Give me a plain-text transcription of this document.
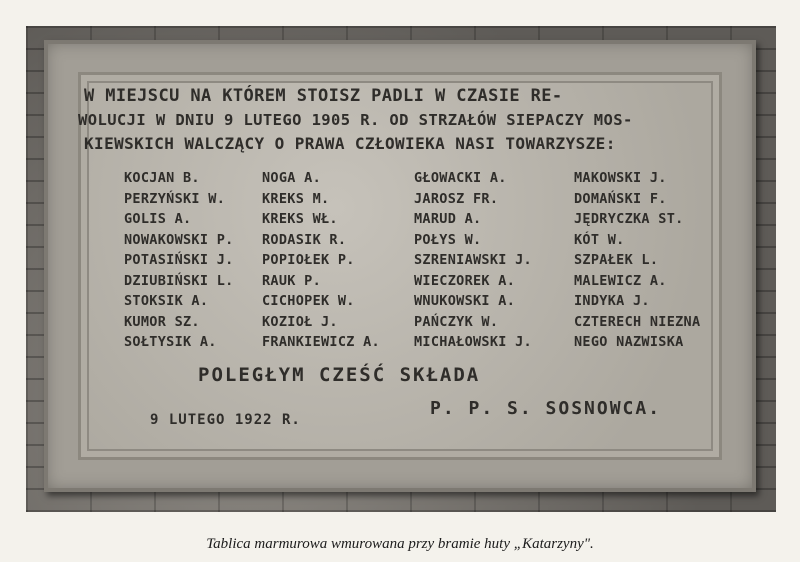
W MIEJSCU NA KTÓREM STOISZ PADLI W CZASIE RE-
WOLUCJI W DNIU 9 LUTEGO 1905 R. OD STRZAŁÓW SIEPACZY MOS-
KIEWSKICH WALCZĄCY O PRAWA CZŁOWIEKA NASI TOWARZYSZE:
KOCJAN B.
PERZYŃSKI W.
GOLIS A.
NOWAKOWSKI P.
POTASIŃSKI J.
DZIUBIŃSKI L.
STOKSIK A.
KUMOR SZ.
SOŁTYSIK A.
NOGA A.
KREKS M.
KREKS WŁ.
RODASIK R.
POPIOŁEK P.
RAUK P.
CICHOPEK W.
KOZIOŁ J.
FRANKIEWICZ A.
GŁOWACKI A.
JAROSZ FR.
MARUD A.
POŁYS W.
SZRENIAWSKI J.
WIECZOREK A.
WNUKOWSKI A.
PAŃCZYK W.
MICHAŁOWSKI J.
MAKOWSKI J.
DOMAŃSKI F.
JĘDRYCZKA ST.
KÓT W.
SZPAŁEK L.
MALEWICZ A.
INDYKA J.
CZTERECH NIEZNA
NEGO NAZWISKA
POLEGŁYM CZEŚĆ SKŁADA
9 LUTEGO 1922 R.
P. P. S. SOSNOWCA.
Tablica marmurowa wmurowana przy bramie huty „Katarzyny".
